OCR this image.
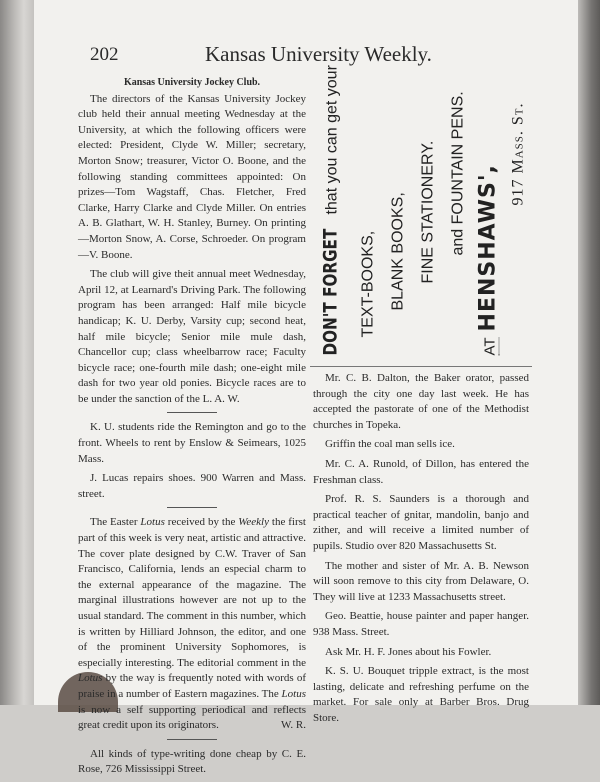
202	Kansas University Weekly.
Kansas University Jockey Club.

The directors of the Kansas University Jockey club held their annual meeting Wednesday at the University, at which the following officers were elected: President, Clyde W. Miller; secretary, Morton Snow; treasurer, Victor O. Boone, and the following standing committees appointed: On prizes—Tom Wagstaff, Chas. Fletcher, Fred Clarke, Harry Clarke and Clyde Miller. On entries A. B. Glathart, W. H. Stanley, Burney. On printing—Morton Snow, A. Corse, Schroeder. On program—V. Boone.

The club will give theit annual meet Wednesday, April 12, at Learnard's Driving Park. The following program has been arranged: Half mile bicycle handicap; K. U. Derby, Varsity cup; second heat, half mile bicycle; Senior mile mule dash, Chancellor cup; class wheelbarrow race; Faculty bicycle race; one-fourth mile dash; one-eight mile dash for two year old ponies. Bicycle races are to be under the sanction of the L. A. W.

K. U. students ride the Remington and go to the front. Wheels to rent by Enslow & Seimears, 1025 Mass.

J. Lucas repairs shoes. 900 Warren and Mass. street.

The Easter Lotus received by the Weekly the first part of this week is very neat, artistic and attractive. The cover plate designed by C.W. Traver of San Francisco, California, lends an especial charm to the external appearance of the magazine. The marginal illustrations however are not up to the usual standard. The comment in this number, which is written by Hilliard Johnson, the editor, and one of the prominent University Sophomores, is especially interesting. The editorial comment in the Lotus by the way is frequently noted with words of praise in a number of Eastern magazines. The Lotus is now a self supporting periodical and reflects great credit upon its originators.	W. R.

All kinds of type-writing done cheap by C. E. Rose, 726 Mississippi Street.

DON'T FORGET that you can get your
TEXT-BOOKS, BLANK BOOKS, FINE STATIONERY. and FOUNTAIN PENS.
ATHENSHAWS',
917 Mass. St.

Mr. C. B. Dalton, the Baker orator, passed through the city one day last week. He has accepted the pastorate of one of the Methodist churches in Topeka.

Griffin the coal man sells ice.

Mr. C. A. Runold, of Dillon, has entered the Freshman class.

Prof. R. S. Saunders is a thorough and practical teacher of gnitar, mandolin, banjo and zither, and will receive a limited number of pupils. Studio over 820 Massachusetts St.

The mother and sister of Mr. A. B. Newson will soon remove to this city from Delaware, O. They will live at 1233 Massachusetts street.

Geo. Beattie, house painter and paper hanger. 938 Mass. Street.

Ask Mr. H. F. Jones about his Fowler.

K. S. U. Bouquet tripple extract, is the most lasting, delicate and refreshing perfume on the market. For sale only at Barber Bros. Drug Store.
